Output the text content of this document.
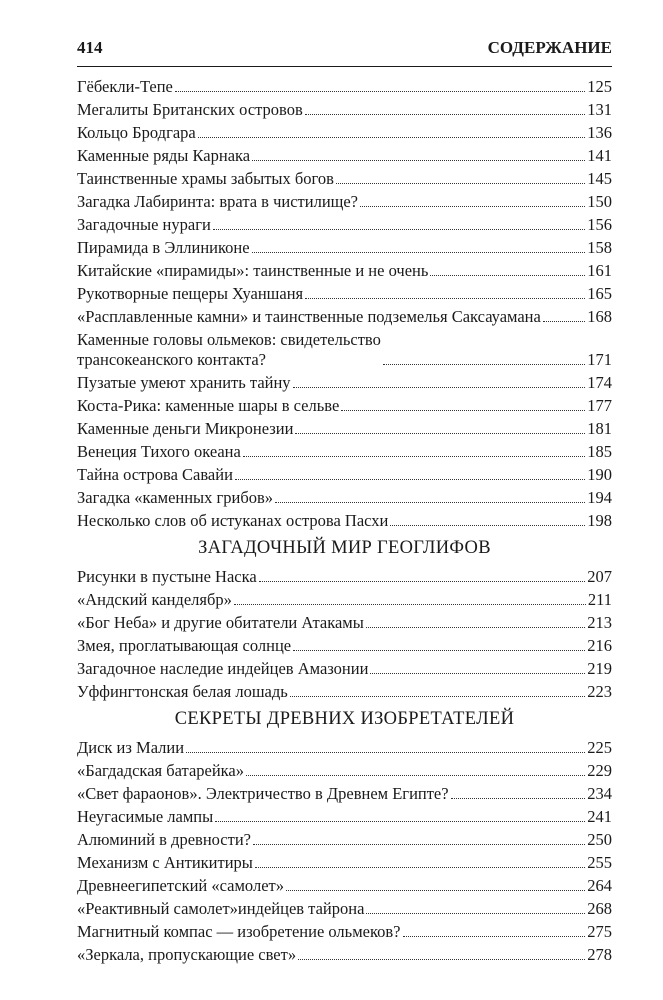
414	СОДЕРЖАНИЕ
Гёбекли-Тепе	125
Мегалиты Британских островов	131
Кольцо Бродгара	136
Каменные ряды Карнака	141
Таинственные храмы забытых богов	145
Загадка Лабиринта: врата в чистилище?	150
Загадочные нураги	156
Пирамида в Эллиниконе	158
Китайские «пирамиды»: таинственные и не очень	161
Рукотворные пещеры Хуаншаня	165
«Расплавленные камни» и таинственные подземелья Саксауамана	168
Каменные головы ольмеков: свидетельство
трансокеанского контакта?	171
Пузатые умеют хранить тайну	174
Коста-Рика: каменные шары в сельве	177
Каменные деньги Микронезии	181
Венеция Тихого океана	185
Тайна острова Савайи	190
Загадка «каменных грибов»	194
Несколько слов об истуканах острова Пасхи	198
ЗАГАДОЧНЫЙ МИР ГЕОГЛИФОВ
Рисунки в пустыне Наска	207
«Андский канделябр»	211
«Бог Неба» и другие обитатели Атакамы	213
Змея, проглатывающая солнце	216
Загадочное наследие индейцев Амазонии	219
Уффингтонская белая лошадь	223
СЕКРЕТЫ ДРЕВНИХ ИЗОБРЕТАТЕЛЕЙ
Диск из Малии	225
«Багдадская батарейка»	229
«Свет фараонов». Электричество в Древнем Египте?	234
Неугасимые лампы	241
Алюминий в древности?	250
Механизм с Антикитиры	255
Древнеегипетский «самолет»	264
«Реактивный самолет»индейцев тайрона	268
Магнитный компас — изобретение ольмеков?	275
«Зеркала, пропускающие свет»	278
